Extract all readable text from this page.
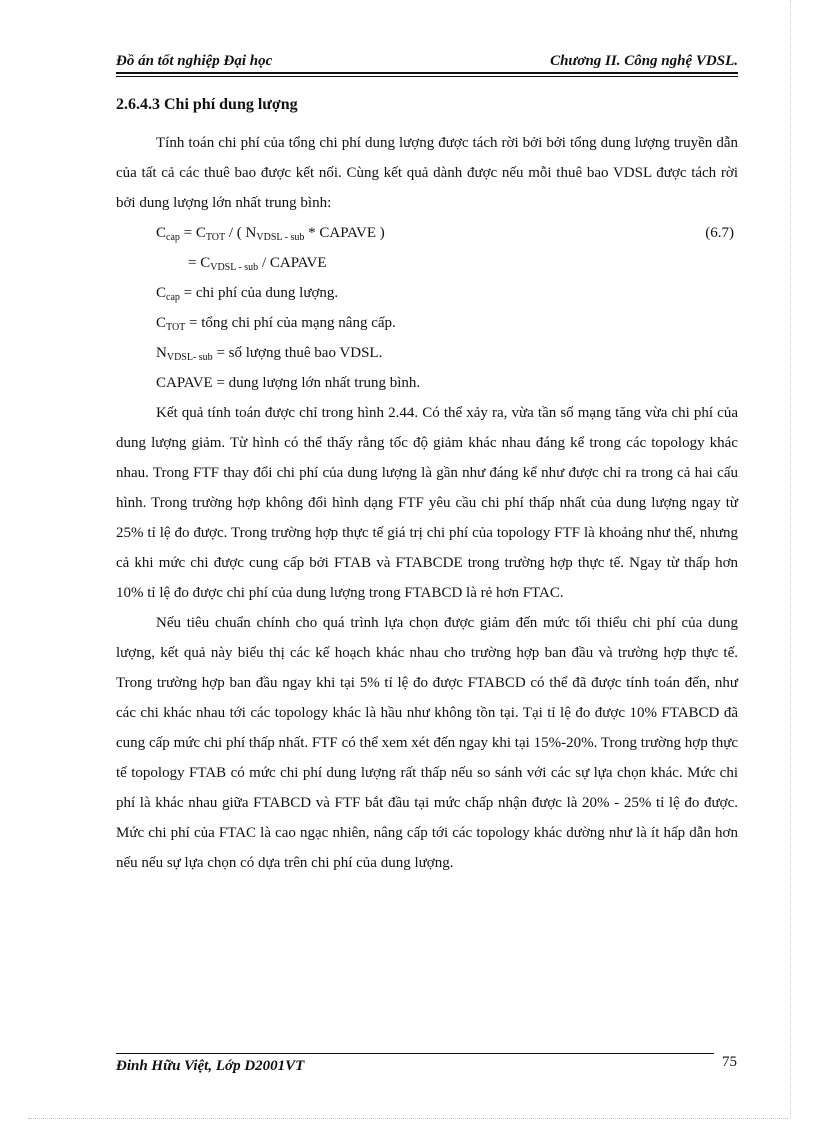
Đồ án tốt nghiệp Đại học	Chương II. Công nghệ VDSL.
2.6.4.3 Chi phí dung lượng

Tính toán chi phí của tổng chi phí dung lượng được tách rời bởi bởi tổng dung lượng truyền dẫn của tất cả các thuê bao được kết nối. Cùng kết quả dành được nếu mỗi thuê bao VDSL được tách rời bởi dung lượng lớn nhất trung bình:

$C_{cap} = C_{TOT}$ / ( $N_{VDSL - sub}$ * CAPAVE )	(6.7)
= $C_{VDSL - sub}$ / CAPAVE
$C_{cap}$ = chi phí của dung lượng.
$C_{TOT}$ = tổng chi phí của mạng nâng cấp.
$N_{VDSL- sub}$ = số lượng thuê bao VDSL.
CAPAVE = dung lượng lớn nhất trung bình.

Kết quả tính toán được chỉ trong hình 2.44. Có thể xảy ra, vừa tần số mạng tăng vừa chi phí của dung lượng giảm. Từ hình có thể thấy rằng tốc độ giảm khác nhau đáng kể trong các topology khác nhau. Trong FTF thay đổi chi phí của dung lượng là gần như đáng kể như được chỉ ra trong cả hai cấu hình. Trong trường hợp không đổi hình dạng FTF yêu cầu chi phí thấp nhất của dung lượng ngay từ 25% tỉ lệ đo được. Trong trường hợp thực tế giá trị chi phí của topology FTF là khoảng như thế, nhưng cả khi mức chi được cung cấp bởi FTAB và FTABCDE trong trường hợp thực tế. Ngay từ thấp hơn 10% tỉ lệ đo được chi phí của dung lượng trong FTABCD là rẻ hơn FTAC.

Nếu tiêu chuẩn chính cho quá trình lựa chọn được giảm đến mức tối thiểu chi phí của dung lượng, kết quả này biểu thị các kế hoạch khác nhau cho trường hợp ban đầu và trường hợp thực tế. Trong trường hợp ban đầu ngay khi tại 5% tỉ lệ đo được FTABCD có thể đã được tính toán đến, như các chi khác nhau tới các topology khác là hầu như không tồn tại. Tại tỉ lệ đo được 10% FTABCD đã cung cấp mức chi phí thấp nhất. FTF có thể xem xét đến ngay khi tại 15%-20%. Trong trường hợp thực tế topology FTAB có mức chi phí dung lượng rất thấp nếu so sánh với các sự lựa chọn khác. Mức chi phí là khác nhau giữa FTABCD và FTF bắt đầu tại mức chấp nhận được là 20% - 25% tỉ lệ đo được. Mức chi phí của FTAC là cao ngạc nhiên, nâng cấp tới các topology khác dường như là ít hấp dẫn hơn nếu nếu sự lựa chọn có dựa trên chi phí của dung lượng.

Đinh Hữu Việt, Lớp D2001VT	75
